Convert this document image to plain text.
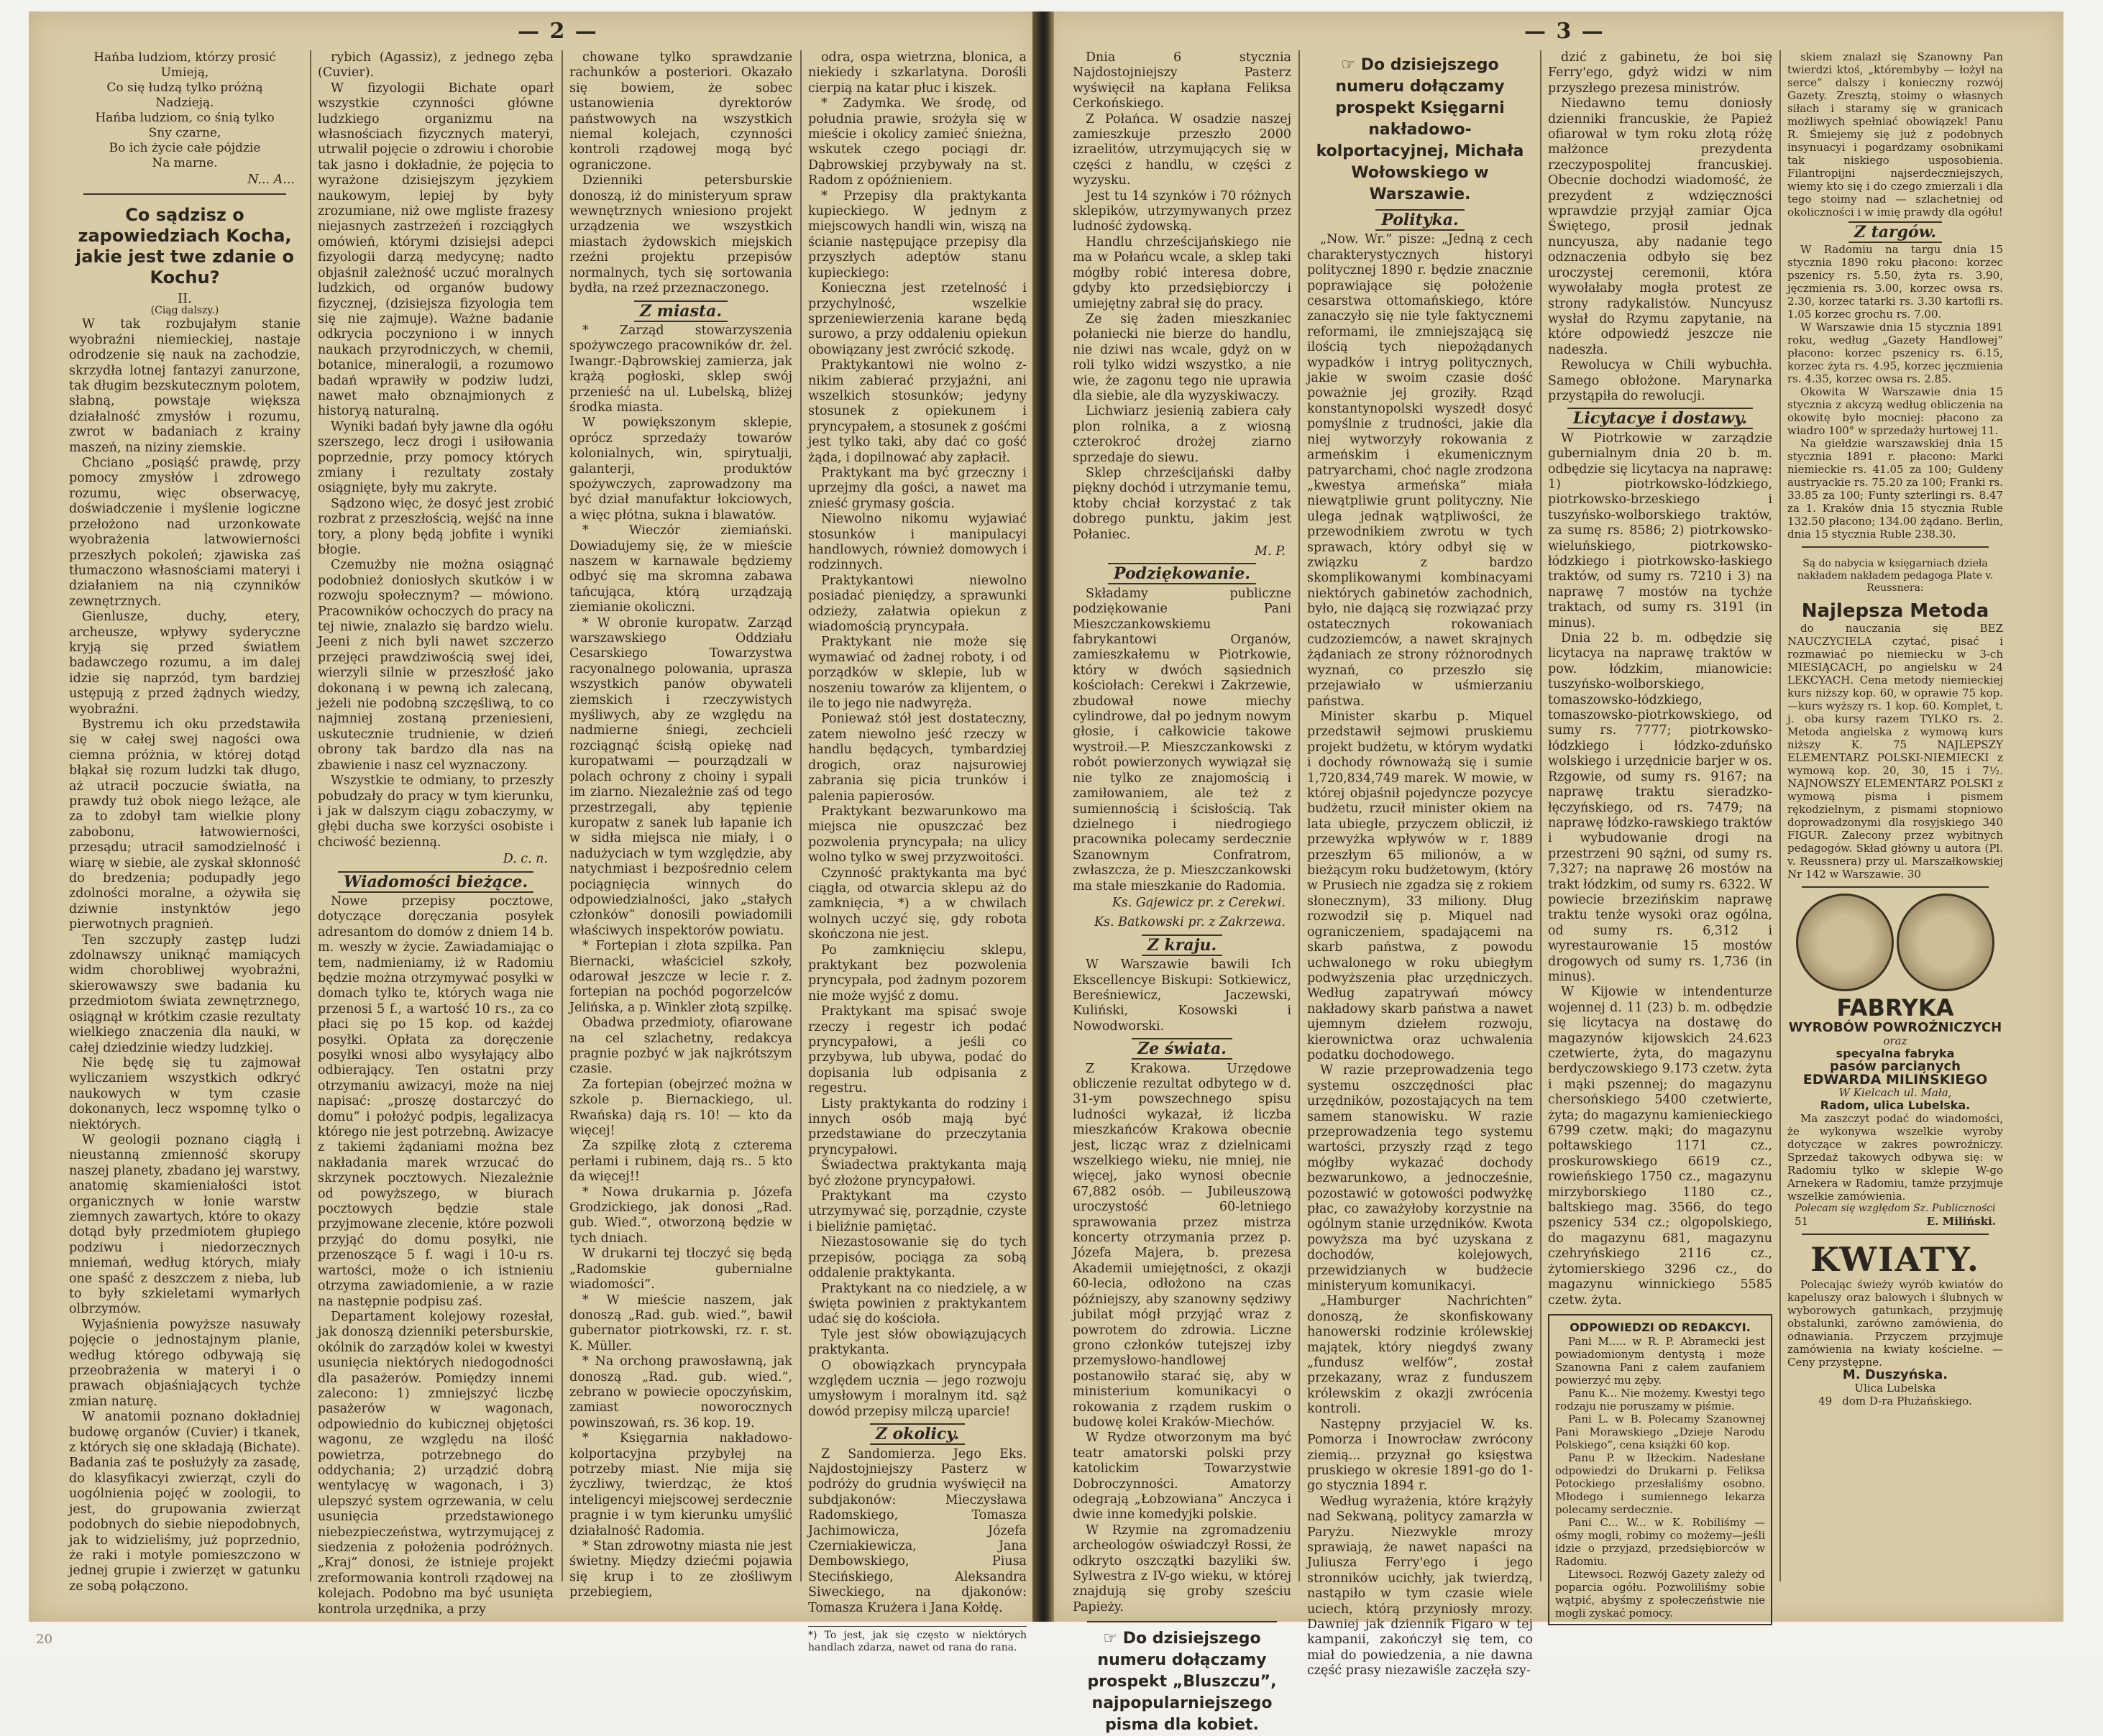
— 2 —	— 3 —

Hańba ludziom, którzy prosić

Umieją,

Co się łudzą tylko próżną

Nadzieją.

Hańba ludziom, co śnią tylko

Sny czarne,

Bo ich życie całe pójdzie

Na marne.

N... A...

Co sądzisz o zapowiedziach Kocha, jakie jest twe zdanie o Kochu?
II.
(Ciąg dalszy.)

W tak rozbujałym stanie wyobraźni niemieckiej, nastaje odrodzenie się nauk na zachodzie, skrzydła lotnej fantazyi zanurzone, tak długim bezskutecznym polotem, słabną, powstaje większa działalność zmysłów i rozumu, zwrot w badaniach z krainy maszeń, na niziny ziemskie.

Chciano „posiąść prawdę, przy pomocy zmysłów i zdrowego rozumu, więc obserwacyę, doświadczenie i myślenie logiczne przełożono nad urzonkowate wyobrażenia latwowierności przeszłych pokoleń; zjawiska zaś tłumaczono własnościami materyi i działaniem na nią czynników zewnętrznych.

Gienlusze, duchy, etery, archeusze, wpływy syderyczne kryją się przed światłem badawczego rozumu, a im dalej idzie się naprzód, tym bardziej ustępują z przed żądnych wiedzy, wyobraźni.

Bystremu ich oku przedstawiła się w całej swej nagości owa ciemna próżnia, w której dotąd błąkał się rozum ludzki tak długo, aż utracił poczucie światła, na prawdy tuż obok niego leżące, ale za to zdobył tam wielkie plony zabobonu, łatwowierności, przesądu; utracił samodzielność i wiarę w siebie, ale zyskał skłonność do bredzenia; podupadły jego zdolności moralne, a ożywiła się dziwnie instynktów jego pierwotnych pragnień.

Ten szczupły zastęp ludzi zdolnawszy uniknąć mamiących widm chorobliwej wyobraźni, skierowawszy swe badania ku przedmiotom świata zewnętrznego, osiągnął w krótkim czasie rezultaty wielkiego znaczenia dla nauki, w całej dziedzinie wiedzy ludzkiej.

Nie będę się tu zajmował wyliczaniem wszystkich odkryć naukowych w tym czasie dokonanych, lecz wspomnę tylko o niektórych.

W geologii poznano ciągłą i nieustanną zmienność skorupy naszej planety, zbadano jej warstwy, anatomię skamieniałości istot organicznych w łonie warstw ziemnych zawartych, które to okazy dotąd były przedmiotem głupiego podziwu i niedorzecznych mniemań, według których, miały one spaść z deszczem z nieba, lub to były szkieletami wymarłych olbrzymów.

Wyjaśnienia powyższe nasuwały pojęcie o jednostajnym planie, według którego odbywają się przeobrażenia w materyi i o prawach objaśniających tychże zmian naturę.

W anatomii poznano dokładniej budowę organów (Cuvier) i tkanek, z których się one składają (Bichate). Badania zaś te posłużyły za zasadę, do klasyfikacyi zwierząt, czyli do uogólnienia pojęć w zoologii, to jest, do grupowania zwierząt podobnych do siebie niepodobnych, jak to widzieliśmy, już poprzednio, że raki i motyle pomieszczono w jednej grupie i zwierzęt w gatunku ze sobą połączono.

rybich (Agassiz), z jednego zęba (Cuvier).

W fizyologii Bichate oparł wszystkie czynności główne ludzkiego organizmu na własnościach fizycznych materyi, utrwalił pojęcie o zdrowiu i chorobie tak jasno i dokładnie, że pojęcia to wyrażone dzisiejszym językiem naukowym, lepiej by były zrozumiane, niż owe mgliste frazesy niejasnych zastrzeżeń i rozciągłych omówień, którymi dzisiejsi adepci fizyologii darzą medycynę; nadto objaśnił zależność uczuć moralnych ludzkich, od organów budowy fizycznej, (dzisiejsza fizyologia tem się nie zajmuje). Ważne badanie odkrycia poczyniono i w innych naukach przyrodniczych, w chemii, botanice, mineralogii, a rozumowo badań wprawiły w podziw ludzi, nawet mało obznajmionych z historyą naturalną.

Wyniki badań były jawne dla ogółu szerszego, lecz drogi i usiłowania poprzednie, przy pomocy których zmiany i rezultaty zostały osiągnięte, były mu zakryte.

Sądzono więc, że dosyć jest zrobić rozbrat z przeszłością, wejść na inne tory, a plony będą jobfite i wyniki błogie.

Czemużby nie można osiągnąć podobnież doniosłych skutków i w rozwoju społecznym? — mówiono. Pracowników ochoczych do pracy na tej niwie, znalazło się bardzo wielu. Jeeni z nich byli nawet szczerzo przejęci prawdziwością swej idei, wierzyli silnie w przeszłość jako dokonaną i w pewną ich zalecaną, jeżeli nie podobną szczęśliwą, to co najmniej zostaną przeniesieni, uskutecznie trudnienie, w dzień obrony tak bardzo dla nas na zbawienie i nasz cel wyznaczony.

Wszystkie te odmiany, to przeszły pobudzały do pracy w tym kierunku, i jak w dalszym ciągu zobaczymy, w głębi ducha swe korzyści osobiste i chciwość bezienną.

D. c. n.

Wiadomości bieżące.

Nowe przepisy pocztowe, dotyczące doręczania posyłek adresantom do domów z dniem 14 b. m. weszły w życie. Zawiadamiając o tem, nadmieniamy, iż w Radomiu będzie można otrzymywać posyłki w domach tylko te, których waga nie przenosi 5 f., a wartość 10 rs., za co płaci się po 15 kop. od każdej posyłki. Opłata za doręczenie posyłki wnosi albo wysyłający albo odbierający. Ten ostatni przy otrzymaniu awizacyi, może na niej napisać: „proszę dostarczyć do domu” i położyć podpis, legalizacya którego nie jest potrzebną. Awizacye z takiemi żądaniami można bez nakładania marek wrzucać do skrzynek pocztowych. Niezależnie od powyższego, w biurach pocztowych będzie stale przyjmowane zlecenie, które pozwoli przyjąć do domu posyłki, nie przenoszące 5 f. wagi i 10-u rs. wartości, może o ich istnieniu otrzyma zawiadomienie, a w razie na następnie podpisu zaś.

Departament kolejowy rozesłał, jak donoszą dzienniki petersburskie, okólnik do zarządów kolei w kwestyi usunięcia niektórych niedogodności dla pasażerów. Pomiędzy innemi zalecono: 1) zmniejszyć liczbę pasażerów w wagonach, odpowiednio do kubicznej objętości wagonu, ze względu na ilość powietrza, potrzebnego do oddychania; 2) urządzić dobrą wentylacyę w wagonach, i 3) ulepszyć system ogrzewania, w celu usunięcia przedstawionego niebezpieczeństwa, wytrzymującej z siedzenia z położenia podróżnych. „Kraj” donosi, że istnieje projekt zreformowania kontroli rządowej na kolejach. Podobno ma być usunięta kontrola urzędnika, a przy

chowane tylko sprawdzanie rachunków a posteriori. Okazało się bowiem, że sobec ustanowienia dyrektorów państwowych na wszystkich niemal kolejach, czynności kontroli rządowej mogą być ograniczone.

Dzienniki petersburskie donoszą, iż do ministeryum spraw wewnętrznych wniesiono projekt urządzenia we wszystkich miastach żydowskich miejskich rzeźni projektu przepisów normalnych, tych się sortowania bydła, na rzeź przeznaczonego.

Z miasta.

* Zarząd stowarzyszenia spożywczego pracowników dr. żel. Iwangr.-Dąbrowskiej zamierza, jak krążą pogłoski, sklep swój przenieść na ul. Lubelską, bliżej środka miasta.

W powiększonym sklepie, oprócz sprzedaży towarów kolonialnych, win, spirytualji, galanterji, produktów spożywczych, zaprowadzony ma być dział manufaktur łokciowych, a więc płótna, sukna i blawatów.

* Wieczór ziemiański. Dowiadujemy się, że w mieście naszem w karnawale będziemy odbyć się ma skromna zabawa tańcująca, którą urządzają ziemianie okoliczni.

* W obronie kuropatw. Zarząd warszawskiego Oddziału Cesarskiego Towarzystwa racyonalnego polowania, uprasza wszystkich panów obywateli ziemskich i rzeczywistych myśliwych, aby ze względu na nadmierne śniegi, zechcieli rozciągnąć ścisłą opiekę nad kuropatwami — pourządzali w polach ochrony z choiny i sypali im ziarno. Niezależnie zaś od tego przestrzegali, aby tępienie kuropatw z sanek lub łapanie ich w sidła miejsca nie miały, i o nadużyciach w tym względzie, aby natychmiast i bezpośrednio celem pociągnięcia winnych do odpowiedzialności, jako „stałych członków” donosili powiadomili właściwych inspektorów powiatu.

* Fortepian i złota szpilka. Pan Biernacki, właściciel szkoły, odarował jeszcze w lecie r. z. fortepian na pochód pogorzelców Jelińska, a p. Winkler złotą szpilkę.

Obadwa przedmioty, ofiarowane na cel szlachetny, redakcya pragnie pozbyć w jak najkrótszym czasie.

Za fortepian (obejrzeć można w szkole p. Biernackiego, ul. Rwańska) dają rs. 10! — kto da więcej!

Za szpilkę złotą z czterema perłami i rubinem, dają rs.. 5 kto da więcej!!

* Nowa drukarnia p. Józefa Grodzickiego, jak donosi „Rad. gub. Wied.”, otworzoną będzie w tych dniach.

W drukarni tej tłoczyć się będą „Radomskie gubernialne wiadomości”.

* W mieście naszem, jak donoszą „Rad. gub. wied.”, bawił gubernator piotrkowski, rz. r. st. K. Müller.

* Na orchong prawosławną, jak donoszą „Rad. gub. wied.”, zebrano w powiecie opoczyńskim, zamiast noworocznych powinszowań, rs. 36 kop. 19.

* Księgarnia nakładowo-kolportacyjna przybyłej na potrzeby miast. Nie mija się życzliwy, twierdząc, że ktoś inteligencyi miejscowej serdecznie pragnie i w tym kierunku umyślić działalność Radomia.

* Stan zdrowotny miasta nie jest świetny. Między dziećmi pojawia się krup i to ze złośliwym przebiegiem,

odra, ospa wietrzna, blonica, a niekiedy i szkarlatyna. Dorośli cierpią na katar płuc i kiszek.

* Zadymka. We środę, od południa prawie, srożyła się w mieście i okolicy zamieć śnieżna, wskutek czego pociągi dr. Dąbrowskiej przybywały na st. Radom z opóźnieniem.

* Przepisy dla praktykanta kupieckiego. W jednym z miejscowych handli win, wiszą na ścianie następujące przepisy dla przyszłych adeptów stanu kupieckiego:

Konieczna jest rzetelność i przychylność, wszelkie sprzeniewierzenia karane będą surowo, a przy oddaleniu opiekun obowiązany jest zwrócić szkodę.

Praktykantowi nie wolno z-nikim zabierać przyjaźni, ani wszelkich stosunków; jedyny stosunek z opiekunem i pryncypałem, a stosunek z gośćmi jest tylko taki, aby dać co gość żąda, i dopilnować aby zapłacił.

Praktykant ma być grzeczny i uprzejmy dla gości, a nawet ma znieść grymasy gościa.

Niewolno nikomu wyjawiać stosunków i manipulacyi handlowych, również domowych i rodzinnych.

Praktykantowi niewolno posiadać pieniędzy, a sprawunki odzieży, załatwia opiekun z wiadomością pryncypała.

Praktykant nie może się wymawiać od żadnej roboty, i od porządków w sklepie, lub w noszeniu towarów za klijentem, o ile to jego nie nadwyręża.

Ponieważ stół jest dostateczny, zatem niewolno jeść rzeczy w handlu będących, tymbardziej drogich, oraz najsurowiej zabrania się picia trunków i palenia papierosów.

Praktykant bezwarunkowo ma miejsca nie opuszczać bez pozwolenia pryncypała; na ulicy wolno tylko w swej przyzwoitości.

Czynność praktykanta ma być ciągła, od otwarcia sklepu aż do zamknięcia, *) a w chwilach wolnych uczyć się, gdy robota skończona nie jest.

Po zamknięciu sklepu, praktykant bez pozwolenia pryncypała, pod żadnym pozorem nie może wyjść z domu.

Praktykant ma spisać swoje rzeczy i regestr ich podać pryncypałowi, a jeśli co przybywa, lub ubywa, podać do dopisania lub odpisania z regestru.

Listy praktykanta do rodziny i innych osób mają być przedstawiane do przeczytania pryncypałowi.

Świadectwa praktykanta mają być złożone pryncypałowi.

Praktykant ma czysto utrzymywać się, porządnie, czyste i bieliźnie pamiętać.

Niezastosowanie się do tych przepisów, pociąga za sobą oddalenie praktykanta.

Praktykant na co niedzielę, a w święta powinien z praktykantem udać się do kościoła.

Tyle jest słów obowiązujących praktykanta.

O obowiązkach pryncypała względem ucznia — jego rozwoju umysłowym i moralnym itd. sąż dowód przepisy milczą uparcie!

Z okolicy.

Z Sandomierza. Jego Eks. Najdostojniejszy Pasterz w podróży do grudnia wyświęcił na subdjakonów: Mieczysława Radomskiego, Tomasza Jachimowicza, Józefa Czerniakiewicza, Jana Dembowskiego, Piusa Stecińskiego, Aleksandra Siweckiego, na djakonów: Tomasza Krużera i Jana Kołdę.

*) To jest, jak się często w niektórych handlach zdarza, nawet od rana do rana.

Dnia 6 stycznia Najdostojniejszy Pasterz wyświęcił na kapłana Feliksa Cerkońskiego.

Z Połańca. W osadzie naszej zamieszkuje przeszło 2000 izraelitów, utrzymujących się w części z handlu, w części z wyzysku.

Jest tu 14 szynków i 70 różnych sklepików, utrzymywanych przez ludność żydowską.

Handlu chrześcijańskiego nie ma w Połańcu wcale, a sklep taki mógłby robić interesa dobre, gdyby kto przedsiębiorczy i umiejętny zabrał się do pracy.

Ze się żaden mieszkaniec połaniecki nie bierze do handlu, nie dziwi nas wcale, gdyż on w roli tylko widzi wszystko, a nie wie, że zagonu tego nie uprawia dla siebie, ale dla wyzyskiwaczy.

Lichwiarz jesienią zabiera cały plon rolnika, a z wiosną czterokroć drożej ziarno sprzedaje do siewu.

Sklep chrześcijański dałby piękny dochód i utrzymanie temu, ktoby chciał korzystać z tak dobrego punktu, jakim jest Połaniec.

M. P.

Podziękowanie.

Składamy publiczne podziękowanie Pani Mieszczankowskiemu fabrykantowi Organów, zamieszkałemu w Piotrkowie, który w dwóch sąsiednich kościołach: Cerekwi i Zakrzewie, zbudował nowe miechy cylindrowe, dał po jednym nowym głosie, i całkowicie takowe wystroił.—P. Mieszczankowski z robót powierzonych wywiązał się nie tylko ze znajomością i zamiłowaniem, ale też z sumiennością i ścisłością. Tak dzielnego i niedrogiego pracownika polecamy serdecznie Szanownym Confratrom, zwłaszcza, że p. Mieszczankowski ma stałe mieszkanie do Radomia.

Ks. Gajewicz pr. z Cerekwi.

Ks. Batkowski pr. z Zakrzewa.

Z kraju.

W Warszawie bawili Ich Ekscellencye Biskupi: Sotkiewicz, Bereśniewicz, Jaczewski, Kuliński, Kosowski i Nowodworski.

Ze świata.

Z Krakowa. Urzędowe obliczenie rezultat odbytego w d. 31-ym powszechnego spisu ludności wykazał, iż liczba mieszkańców Krakowa obecnie jest, licząc wraz z dzielnicami wszelkiego wieku, nie mniej, nie więcej, jako wynosi obecnie 67,882 osób. — Jubileuszową uroczystość 60-letniego sprawowania przez mistrza koncerty otrzymania przez p. Józefa Majera, b. prezesa Akademii umiejętności, z okazji 60-lecia, odłożono na czas późniejszy, aby szanowny sędziwy jubilat mógł przyjąć wraz z powrotem do zdrowia. Liczne grono członków tutejszej izby przemysłowo-handlowej postanowiło starać się, aby w ministerium komunikacyi o rokowania z rządem ruskim o budowę kolei Kraków-Miechów.

W Rydze otworzonym ma być teatr amatorski polski przy katolickim Towarzystwie Dobroczynności. Amatorzy odegrają „Łobzowiana” Anczyca i dwie inne komedyjki polskie.

W Rzymie na zgromadzeniu archeologów oświadczył Rossi, że odkryto oszczątki bazyliki św. Sylwestra z IV-go wieku, w której znajdują się groby sześciu Papieży.

☞ Do dzisiejszego numeru dołączamy prospekt „Bluszczu”, najpopularniejszego pisma dla kobiet.
☞ Do dzisiejszego numeru dołączamy prospekt Księgarni nakładowo-kolportacyjnej, Michała Wołowskiego w Warszawie.
Polityka.

„Now. Wr.” pisze: „Jedną z cech charakterystycznych historyi politycznej 1890 r. będzie znacznie poprawiające się położenie cesarstwa ottomańskiego, które zanaczyło się nie tyle faktycznemi reformami, ile zmniejszającą się ilością tych niepożądanych wypadków i intryg politycznych, jakie w swoim czasie dość poważnie jej groziły. Rząd konstantynopolski wyszedł dosyć pomyślnie z trudności, jakie dla niej wytworzyły rokowania z armeńskim i ekumenicznym patryarchami, choć nagle zrodzona „kwestya armeńska” miała niewątpliwie grunt polityczny. Nie ulega jednak wątpliwości, że przewodnikiem zwrotu w tych sprawach, który odbył się w związku z bardzo skomplikowanymi kombinacyami niektórych gabinetów zachodnich, było, nie dającą się rozwiązać przy ostatecznych rokowaniach cudzoziemców, a nawet skrajnych żądaniach ze strony różnorodnych wyznań, co przeszło się przejawiało w uśmierzaniu państwa.

Minister skarbu p. Miquel przedstawił sejmowi pruskiemu projekt budżetu, w którym wydatki i dochody równoważą się i sumie 1,720,834,749 marek. W mowie, w której objaśnił pojedyncze pozycye budżetu, rzucił minister okiem na lata ubiegłe, przyczem oblicził, iż przewyżka wpływów w r. 1889 przeszłym 65 milionów, a w bieżącym roku budżetowym, (który w Prusiech nie zgadza się z rokiem słonecznym), 33 miliony. Dług rozwodził się p. Miquel nad ograniczeniem, spadającemi na skarb państwa, z powodu uchwalonego w roku ubiegłym podwyższenia płac urzędniczych. Według zapatrywań mówcy nakładowy skarb państwa a nawet ujemnym dziełem rozwoju, kierownictwa oraz uchwalenia podatku dochodowego.

W razie przeprowadzenia tego systemu oszczędności płac urzędników, pozostających na tem samem stanowisku. W razie przeprowadzenia tego systemu wartości, przyszły rząd z tego mógłby wykazać dochody bezwarunkowo, a jednocześnie, pozostawić w gotowości podwyżkę płac, co zaważyłoby korzystnie na ogólnym stanie urzędników. Kwota powyższa ma być uzyskana z dochodów, kolejowych, przewidzianych w budżecie ministeryum komunikacyi.

„Hamburger Nachrichten” donoszą, że skonfiskowany hanowerski rodzinie królewskiej majątek, który niegdyś zwany „fundusz welfów”, został przekazany, wraz z funduszem królewskim z okazji zwrócenia kontroli.

Następny przyjaciel W. ks. Pomorza i Inowrocław zwrócony ziemią... przyznał go księstwa pruskiego w okresie 1891-go do 1-go stycznia 1894 r.

Według wyrażenia, które krążyły nad Sekwaną, politycy zamarzła w Paryżu. Niezwykle mrozy sprawiają, że nawet napaści na Juliusza Ferry'ego i jego stronników ucichły, jak twierdzą, nastąpiło w tym czasie wiele uciech, którą przyniosły mrozy. Dawniej jak dziennik Figaro w tej kampanii, zakończył się tem, co miał do powiedzenia, a nie dawna część prasy niezawiśle zaczęła szy-

dzić z gabinetu, że boi się Ferry'ego, gdyż widzi w nim przyszłego prezesa ministrów.

Niedawno temu doniosły dzienniki francuskie, że Papież ofiarował w tym roku złotą różę małżonce prezydenta rzeczypospolitej francuskiej. Obecnie dochodzi wiadomość, że prezydent z wdzięczności wprawdzie przyjął zamiar Ojca Świętego, prosił jednak nuncyusza, aby nadanie tego odznaczenia odbyło się bez uroczystej ceremonii, która wywołałaby mogła protest ze strony radykalistów. Nuncyusz wysłał do Rzymu zapytanie, na które odpowiedź jeszcze nie nadeszła.

Rewolucya w Chili wybuchła. Samego obłożone. Marynarka przystąpiła do rewolucji.

Licytacye i dostawy.

W Piotrkowie w zarządzie gubernialnym dnia 20 b. m. odbędzie się licytacya na naprawę: 1) piotrkowsko-lódzkiego, piotrkowsko-brzeskiego i tuszyńsko-wolborskiego traktów, za sumę rs. 8586; 2) piotrkowsko-wieluńskiego, piotrkowsko-łódzkiego i piotrkowsko-łaskiego traktów, od sumy rs. 7210 i 3) na naprawę 7 mostów na tychże traktach, od sumy rs. 3191 (in minus).

Dnia 22 b. m. odbędzie się licytacya na naprawę traktów w pow. łódzkim, mianowicie: tuszyńsko-wolborskiego, tomaszowsko-łódzkiego, tomaszowsko-piotrkowskiego, od sumy rs. 7777; piotrkowsko-łódzkiego i łódzko-zduńsko wolskiego i urzędnicie barjer w os. Rzgowie, od sumy rs. 9167; na naprawę traktu sieradzko-łęczyńskiego, od rs. 7479; na naprawę łódzko-rawskiego traktów i wybudowanie drogi na przestrzeni 90 sążni, od sumy rs. 7,327; na naprawę 26 mostów na trakt łódzkim, od sumy rs. 6322. W powiecie brzezińskim naprawę traktu tenże wysoki oraz ogólna, od sumy rs. 6,312 i wyrestaurowanie 15 mostów drogowych od sumy rs. 1,736 (in minus).

W Kijowie w intendenturze wojennej d. 11 (23) b. m. odbędzie się licytacya na dostawę do magazynów kijowskich 24.623 czetwierte, żyta, do magazynu berdyczowskiego 9.173 czetw. żyta i mąki pszennej; do magazynu chersońskiego 5400 czetwierte, żyta; do magazynu kamienieckiego 6799 czetw. mąki; do magazynu połtawskiego 1171 cz., proskurowskiego 6619 cz., rowieńskiego 1750 cz., magazynu mirzyborskiego 1180 cz., baltskiego mag. 3566, do tego pszenicy 534 cz.; olgopolskiego, do magazynu 681, magazynu czehryńskiego 2116 cz., żytomierskiego 3296 cz., do magazynu winnickiego 5585 czetw. żyta.

ODPOWIEDZI OD REDAKCYI.

Pani M..... w R. P. Abramecki jest powiadomionym dentystą i może Szanowna Pani z całem zaufaniem powierzyć mu zęby.

Panu K... Nie możemy. Kwestyi tego rodzaju nie poruszamy w piśmie.

Pani L. w B. Polecamy Szanownej Pani Morawskiego „Dzieje Narodu Polskiego”, cena książki 60 kop.

Panu P. w Iłżeckim. Nadesłane odpowiedzi do Drukarni p. Feliksa Potockiego przesłaliśmy osobno. Młodego i sumiennego lekarza polecamy serdecznie.

Pani C... W... w K. Robiliśmy — ośmy mogli, robimy co możemy—jeśli idzie o przyjazd, przedsiębiorców w Radomiu.

Litewsoci. Rozwój Gazety zależy od poparcia ogółu. Pozwoliliśmy sobie wątpić, abyśmy z społeczeństwie nie mogli zyskać pomocy.

skiem znalazł się Szanowny Pan twierdzi ktoś, „którembyby — łożył na serce” dalszy i konieczny rozwój Gazety. Zresztą, stoimy o własnych siłach i staramy się w granicach możliwych spełniać obowiązek! Panu R. Śmiejemy się już z podobnych insynuacyi i pogardzamy osobnikami tak niskiego usposobienia. Filantropijni najserdeczniejszych, wiemy kto się i do czego zmierzali i dla tego stoimy nad — szlachetniej od okoliczności i w imię prawdy dla ogółu!

Z targów.

W Radomiu na targu dnia 15 stycznia 1890 roku płacono: korzec pszenicy rs. 5.50, żyta rs. 3.90, jęczmienia rs. 3.00, korzec owsa rs. 2.30, korzec tatarki rs. 3.30 kartofli rs. 1.05 korzec grochu rs. 7.00.

W Warszawie dnia 15 stycznia 1891 roku, według „Gazety Handlowej” płacono: korzec pszenicy rs. 6.15, korzec żyta rs. 4.95, korzec jęczmienia rs. 4.35, korzec owsa rs. 2.85.

Okowita W Warszawie dnia 15 stycznia z akcyzą według obliczenia na okowitę było mocniej: płacono za wiadro 100° w sprzedaży hurtowej 11.

Na giełdzie warszawskiej dnia 15 stycznia 1891 r. płacono: Marki niemieckie rs. 41.05 za 100; Guldeny austryackie rs. 75.20 za 100; Franki rs. 33.85 za 100; Funty szterlingi rs. 8.47 za 1. Kraków dnia 15 stycznia Ruble 132.50 płacono; 134.00 żądano. Berlin, dnia 15 stycznia Ruble 238.30.

Są do nabycia w księgarniach dzieła nakładem nakładem pedagoga Plate v. Reussnera:

Najlepsza Metoda

do nauczania się BEZ NAUCZYCIELA czytać, pisać i rozmawiać po niemiecku w 3-ch MIESIĄCACH, po angielsku w 24 LEKCYACH. Cena metody niemieckiej kurs niższy kop. 60, w oprawie 75 kop.—kurs wyższy rs. 1 kop. 60. Komplet, t. j. oba kursy razem TYLKO rs. 2. Metoda angielska z wymową kurs niższy K. 75 NAJLEPSZY ELEMENTARZ POLSKI-NIEMIECKI z wymową kop. 20, 30, 15 i 7½. NAJNOWSZY ELEMENTARZ POLSKI z wymową pisma i pismem rękodzielnym, z pismami stopniowo doprowadzonymi dla rosyjskiego 340 FIGUR. Zalecony przez wybitnych pedagogów. Skład główny u autora (Pl. v. Reussnera) przy ul. Marszałkowskiej Nr 142 w Warszawie. 30

FABRYKA
WYROBÓW POWROŹNICZYCH
oraz
specyalna fabryka
pasów parcianych
EDWARDA MILIŃSKIEGO
W Kielcach ul. Mała,
Radom, ulica Lubelska.

Ma zaszczyt podać do wiadomości, że wykonywa wszelkie wyroby dotyczące w zakres powroźniczy. Sprzedaż takowych odbywa się: w Radomiu tylko w sklepie W-go Arnekera w Radomiu, tamże przyjmuje wszelkie zamówienia.

Polecam się względom Sz. Publiczności
51	E. Miliński.
KWIATY.

Polecając świeży wyrób kwiatów do kapeluszy oraz balowych i ślubnych w wyborowych gatunkach, przyjmuję obstalunki, zarówno zamówienia, do odnawiania. Przyczem przyjmuje zamówienia na kwiaty kościelne. — Ceny przystępne.

M. Duszyńska.
Ulica Lubelska
49 dom D-ra Płużańskiego.
20
